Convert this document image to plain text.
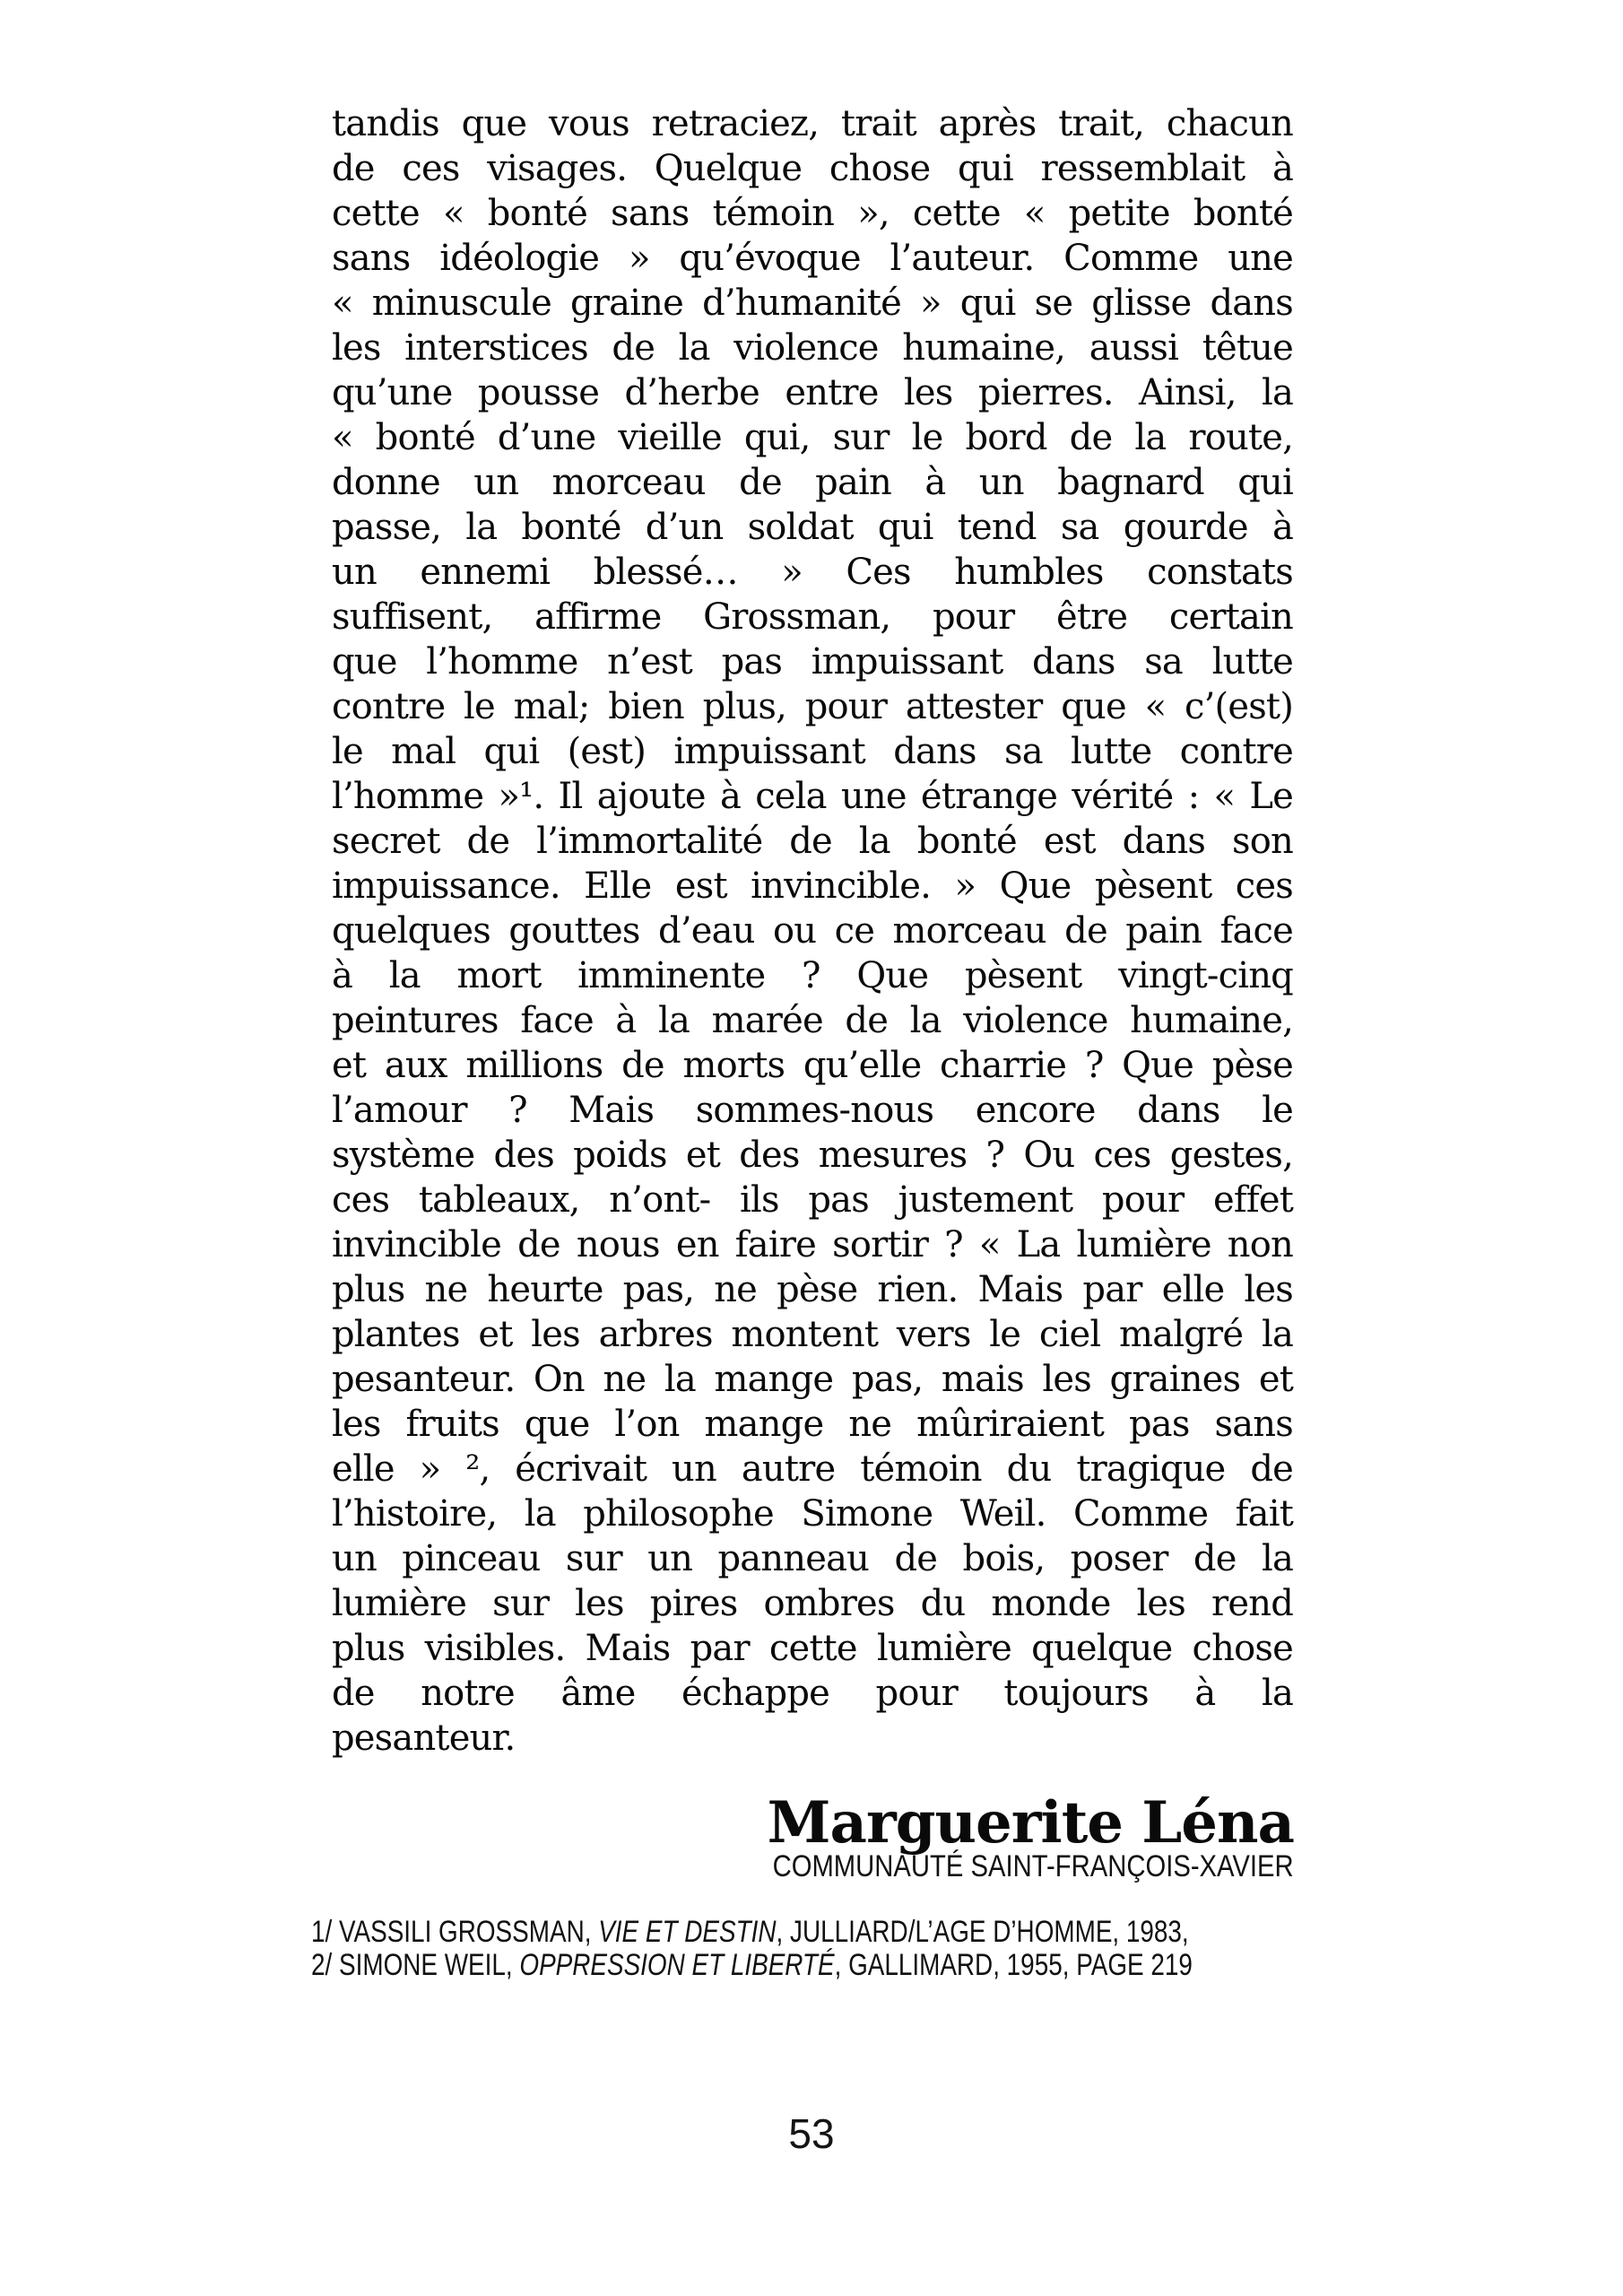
tandis que vous retraciez, trait après trait, chacun
de ces visages. Quelque chose qui ressemblait à
cette « bonté sans témoin », cette « petite bonté
sans idéologie » qu’évoque l’auteur. Comme une
« minuscule graine d’humanité » qui se glisse dans
les interstices de la violence humaine, aussi têtue
qu’une pousse d’herbe entre les pierres. Ainsi, la
« bonté d’une vieille qui, sur le bord de la route,
donne un morceau de pain à un bagnard qui
passe, la bonté d’un soldat qui tend sa gourde à
un ennemi blessé… » Ces humbles constats
suffisent, affirme Grossman, pour être certain
que l’homme n’est pas impuissant dans sa lutte
contre le mal; bien plus, pour attester que « c’(est)
le mal qui (est) impuissant dans sa lutte contre
l’homme »¹. Il ajoute à cela une étrange vérité : « Le
secret de l’immortalité de la bonté est dans son
impuissance. Elle est invincible. » Que pèsent ces
quelques gouttes d’eau ou ce morceau de pain face
à la mort imminente ? Que pèsent vingt-cinq
peintures face à la marée de la violence humaine,
et aux millions de morts qu’elle charrie ? Que pèse
l’amour ? Mais sommes-nous encore dans le
système des poids et des mesures ? Ou ces gestes,
ces tableaux, n’ont- ils pas justement pour effet
invincible de nous en faire sortir ? « La lumière non
plus ne heurte pas, ne pèse rien. Mais par elle les
plantes et les arbres montent vers le ciel malgré la
pesanteur. On ne la mange pas, mais les graines et
les fruits que l’on mange ne mûriraient pas sans
elle » ², écrivait un autre témoin du tragique de
l’histoire, la philosophe Simone Weil. Comme fait
un pinceau sur un panneau de bois, poser de la
lumière sur les pires ombres du monde les rend
plus visibles. Mais par cette lumière quelque chose
de notre âme échappe pour toujours à la
pesanteur.
Marguerite Léna
COMMUNAUTÉ SAINT-FRANÇOIS-XAVIER
1/ VASSILI GROSSMAN, VIE ET DESTIN, JULLIARD/L’AGE D’HOMME, 1983,
2/ SIMONE WEIL, OPPRESSION ET LIBERTÉ, GALLIMARD, 1955, PAGE 219
53
